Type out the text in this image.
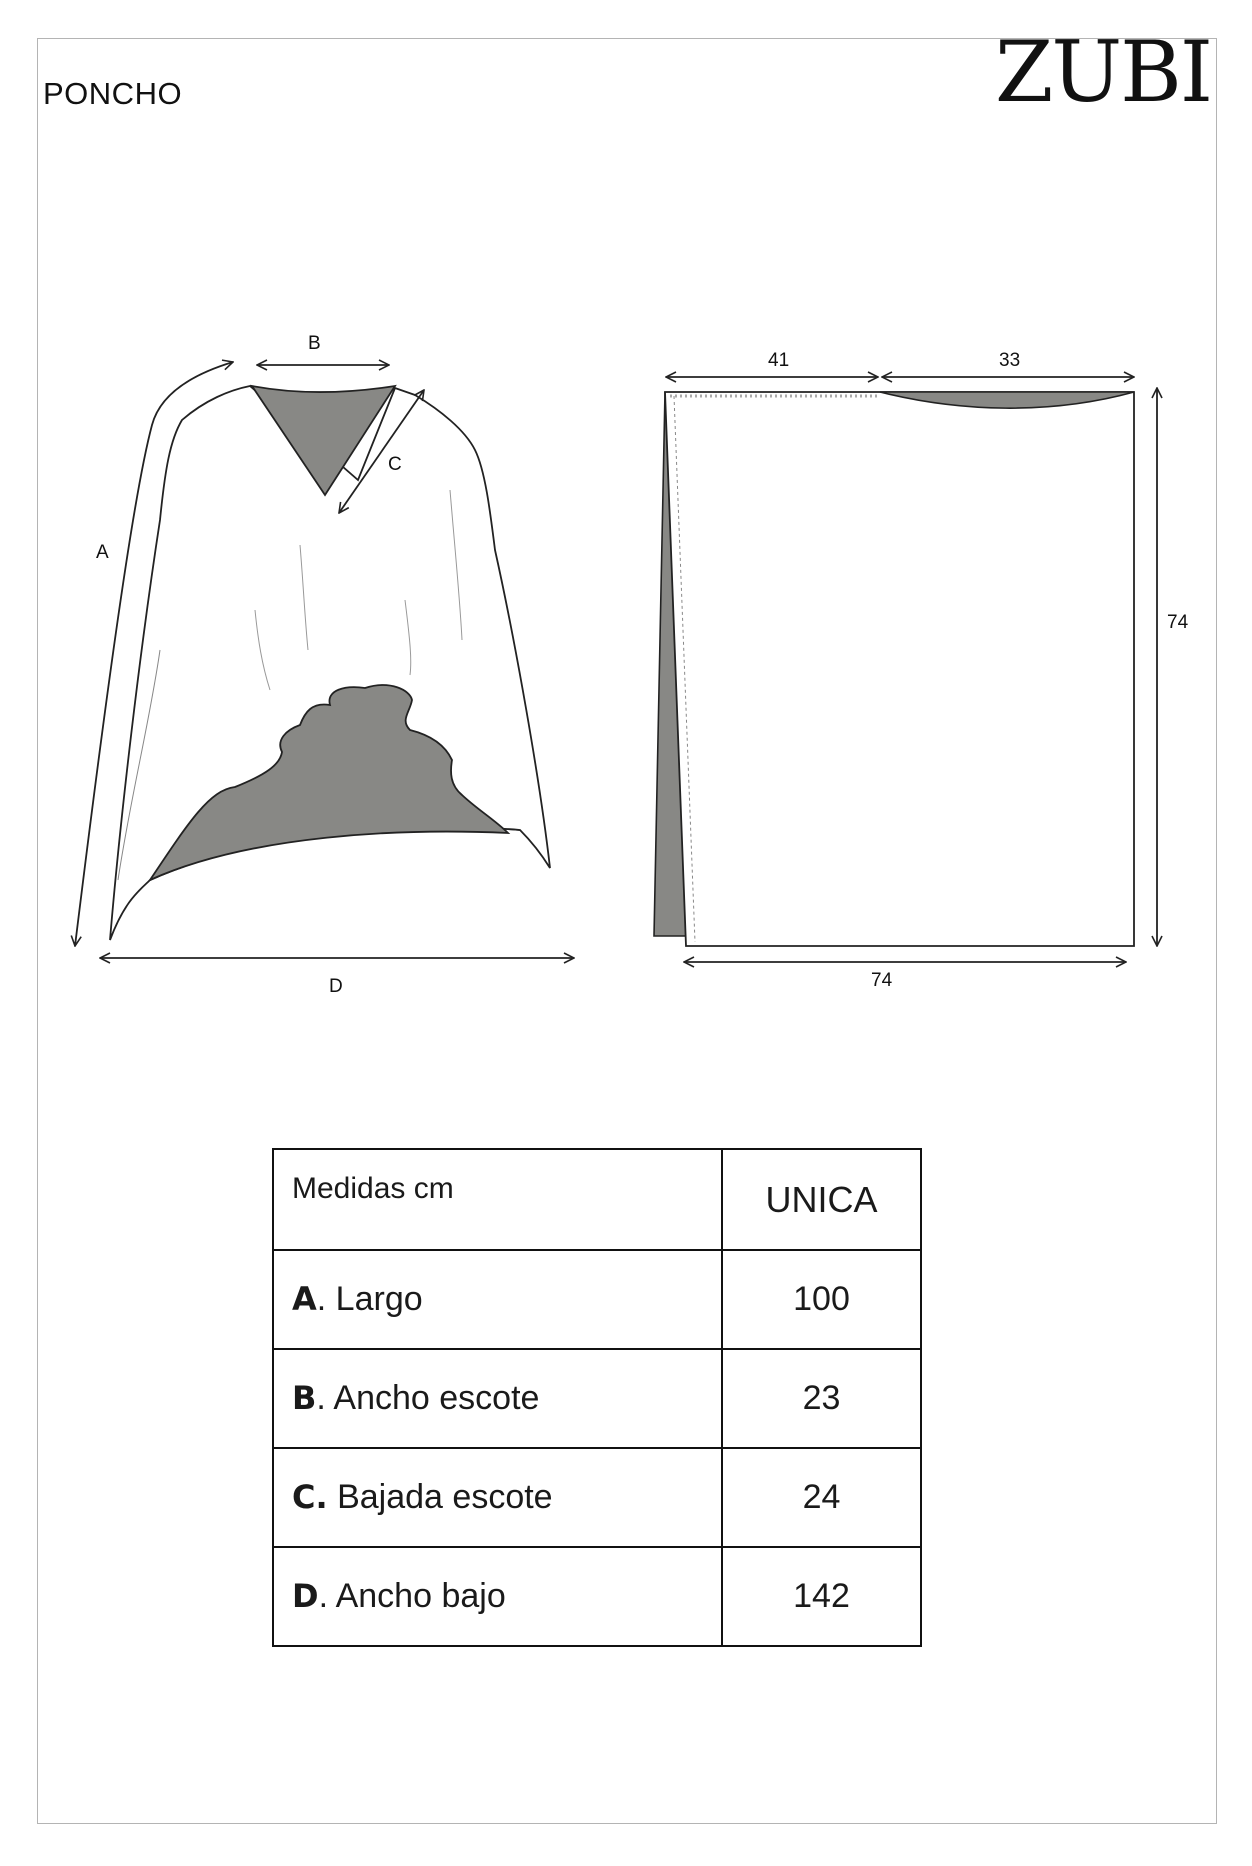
PONCHO	ZUBI
A
B
C
D
41	33
74
74
Medidas cm	UNICA
A. Largo	100
B. Ancho escote	23
C. Bajada escote	24
D. Ancho bajo	142
